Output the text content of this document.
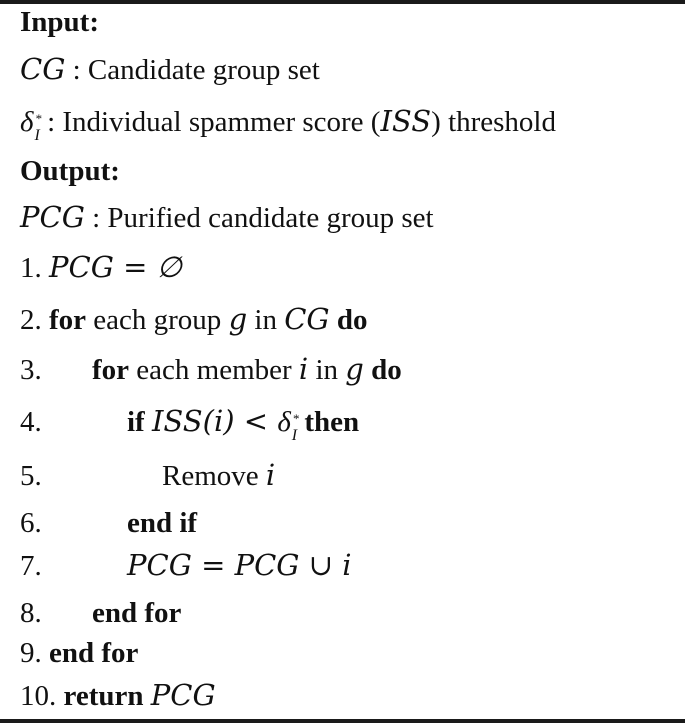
Input:
CG : Candidate group set
δI
*
: Individual spammer score (ISS) threshold
Output:
PCG : Purified candidate group set
1. PCG = ∅
2. for each group g in CG do
3. for each member i in g do
4.	if ISS(i) < δI
*
then
5.	Remove i
6.	end if
7.	PCG = PCG ∪ i
8. end for
9. end for
10. return PCG
